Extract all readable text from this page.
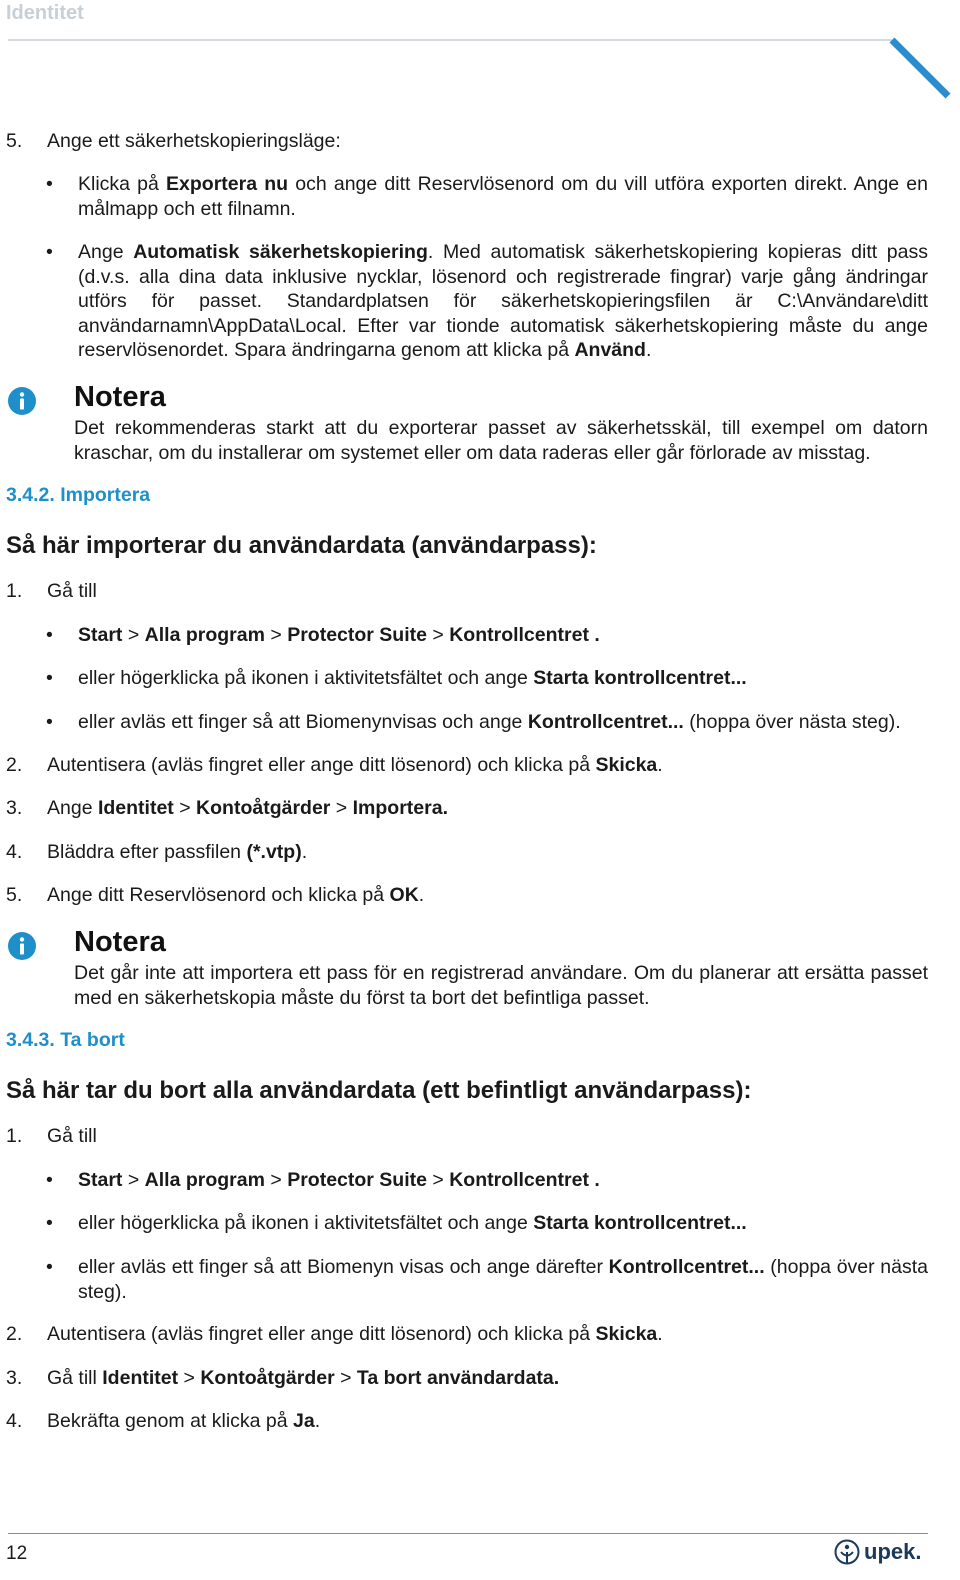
Identitet
5. Ange ett säkerhetskopieringsläge:
• Klicka på Exportera nu och ange ditt Reservlösenord om du vill utföra exporten direkt. Ange en målmapp och ett filnamn.
• Ange Automatisk säkerhetskopiering. Med automatisk säkerhetskopiering kopieras ditt pass (d.v.s. alla dina data inklusive nycklar, lösenord och registrerade fingrar) varje gång ändringar utförs för passet. Standardplatsen för säkerhetskopieringsfilen är C:\Användare\ditt användarnamn\AppData\Local. Efter var tionde automatisk säkerhetskopiering måste du ange reservlösenordet. Spara ändringarna genom att klicka på Använd.
Notera
Det rekommenderas starkt att du exporterar passet av säkerhetsskäl, till exempel om datorn kraschar, om du installerar om systemet eller om data raderas eller går förlorade av misstag.
3.4.2. Importera
Så här importerar du användardata (användarpass):
1. Gå till
• Start > Alla program > Protector Suite > Kontrollcentret .
• eller högerklicka på ikonen i aktivitetsfältet och ange Starta kontrollcentret...
• eller avläs ett finger så att Biomenynvisas och ange Kontrollcentret... (hoppa över nästa steg).
2. Autentisera (avläs fingret eller ange ditt lösenord) och klicka på Skicka.
3. Ange Identitet > Kontoåtgärder > Importera.
4. Bläddra efter passfilen (*.vtp).
5. Ange ditt Reservlösenord och klicka på OK.
Notera
Det går inte att importera ett pass för en registrerad användare. Om du planerar att ersätta passet med en säkerhetskopia måste du först ta bort det befintliga passet.
3.4.3. Ta bort
Så här tar du bort alla användardata (ett befintligt användarpass):
1. Gå till
• Start > Alla program > Protector Suite > Kontrollcentret .
• eller högerklicka på ikonen i aktivitetsfältet och ange Starta kontrollcentret...
• eller avläs ett finger så att Biomenyn visas och ange därefter Kontrollcentret... (hoppa över nästa steg).
2. Autentisera (avläs fingret eller ange ditt lösenord) och klicka på Skicka.
3. Gå till Identitet > Kontoåtgärder > Ta bort användardata.
4. Bekräfta genom at klicka på Ja.
12	upek.
